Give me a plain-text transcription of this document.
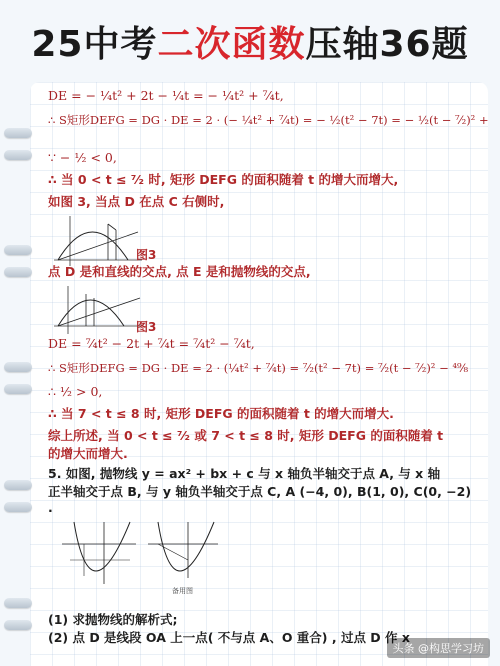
25中考二次函数压轴36题
DE = − ¼t² + 2t − ¼t = − ¼t² + ⁷⁄₄t,
∴ S矩形DEFG = DG · DE = 2 · (− ¼t² + ⁷⁄₄t) = − ½(t² − 7t) = − ½(t − ⁷⁄₂)² +
∵ − ½ < 0,
∴ 当 0 < t ≤ ⁷⁄₂ 时, 矩形 DEFG 的面积随着 t 的增大而增大,
如图 3, 当点 D 在点 C 右侧时,
图3
点 D 是和直线的交点, 点 E 是和抛物线的交点,
图3
DE = ⁷⁄₄t² − 2t + ⁷⁄₄t = ⁷⁄₄t² − ⁷⁄₄t,
∴ S矩形DEFG = DG · DE = 2 · (¼t² + ⁷⁄₄t) = ⁷⁄₂(t² − 7t) = ⁷⁄₂(t − ⁷⁄₂)² − ⁴⁹⁄₈
∴ ½ > 0,
∴ 当 7 < t ≤ 8 时, 矩形 DEFG 的面积随着 t 的增大而增大.
综上所述, 当 0 < t ≤ ⁷⁄₂ 或 7 < t ≤ 8 时, 矩形 DEFG 的面积随着 t
的增大而增大.
5. 如图, 抛物线 y = ax² + bx + c 与 x 轴负半轴交于点 A, 与 x 轴
正半轴交于点 B, 与 y 轴负半轴交于点 C, A (−4, 0), B(1, 0), C(0, −2)
.
备用图
(1) 求抛物线的解析式;
(2) 点 D 是线段 OA 上一点( 不与点 A、O 重合) , 过点 D 作 x
头条 @构思学习坊
